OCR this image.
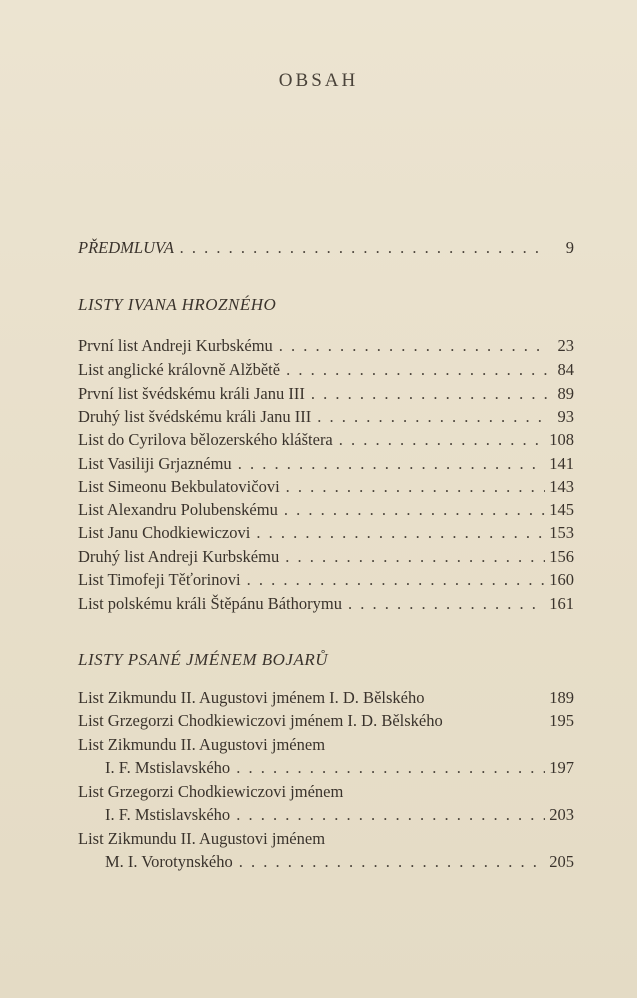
OBSAH
PŘEDMLUVA . . .	9
LISTY IVANA HROZNÉHO
První list Andreji Kurbskému . . .	23
List anglické královně Alžbětě . . .	84
První list švédskému králi Janu III . . .	89
Druhý list švédskému králi Janu III . . .	93
List do Cyrilova bělozerského kláštera . . .	108
List Vasiliji Grjaznému . . .	141
List Simeonu Bekbulatovičovi . . .	143
List Alexandru Polubenskému . . .	145
List Janu Chodkiewiczovi . . .	153
Druhý list Andreji Kurbskému . . .	156
List Timofeji Těťorinovi . . .	160
List polskému králi Štěpánu Báthorymu . . .	161
LISTY PSANÉ JMÉNEM BOJARŮ
List Zikmundu II. Augustovi jménem I. D. Bělského	189
List Grzegorzi Chodkiewiczovi jménem I. D. Bělského	195
List Zikmundu II. Augustovi jménem
I. F. Mstislavského . . .	197
List Grzegorzi Chodkiewiczovi jménem
I. F. Mstislavského . . .	203
List Zikmundu II. Augustovi jménem
M. I. Vorotynského . . .	205
